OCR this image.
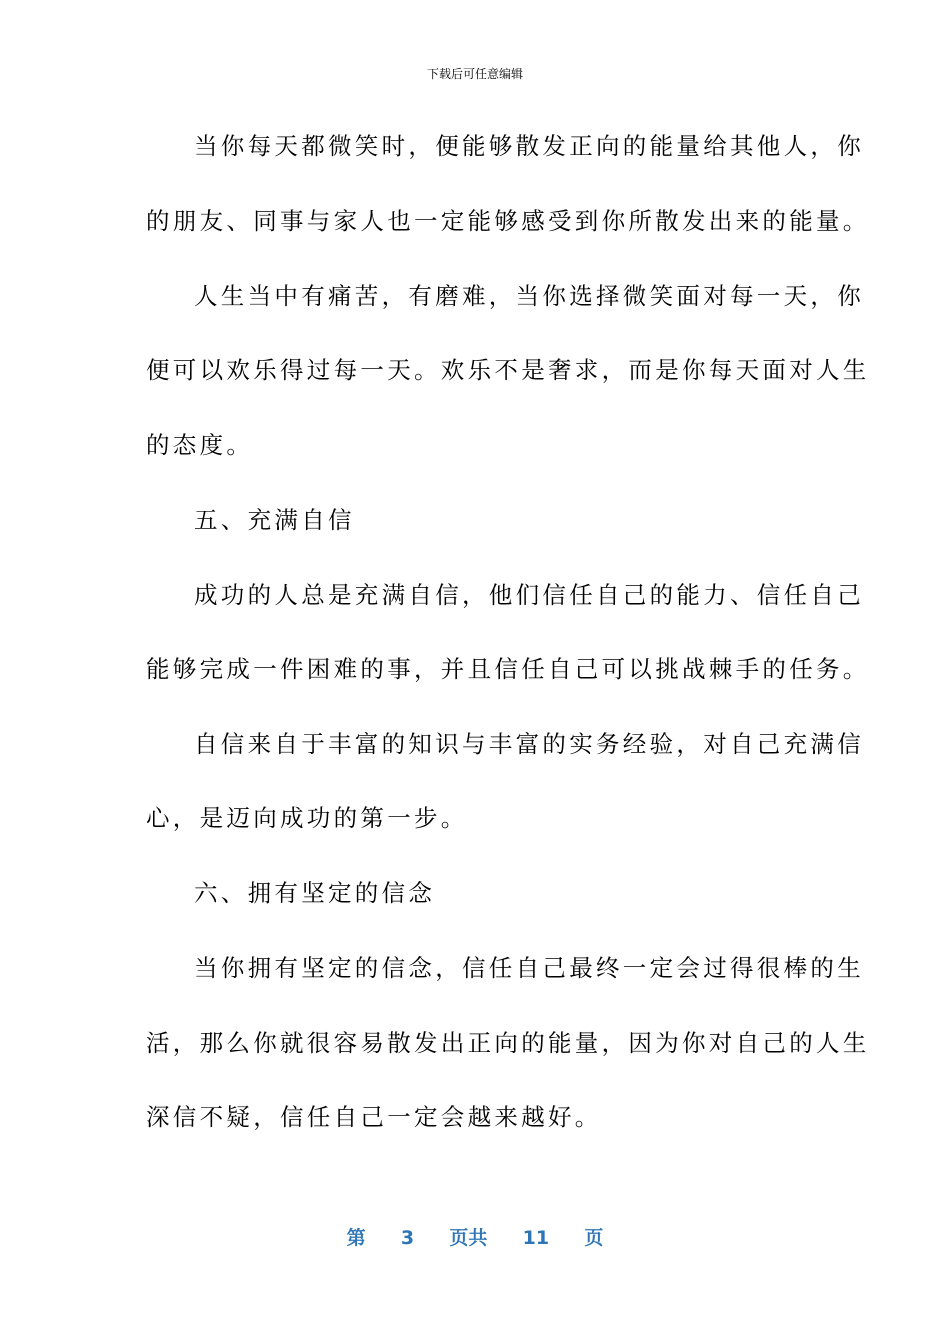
下载后可任意编辑
当你每天都微笑时，便能够散发正向的能量给其他人，你
的朋友、同事与家人也一定能够感受到你所散发出来的能量。
人生当中有痛苦，有磨难，当你选择微笑面对每一天，你
便可以欢乐得过每一天。欢乐不是奢求，而是你每天面对人生
的态度。
五、充满自信
成功的人总是充满自信，他们信任自己的能力、信任自己
能够完成一件困难的事，并且信任自己可以挑战棘手的任务。
自信来自于丰富的知识与丰富的实务经验，对自己充满信
心，是迈向成功的第一步。
六、拥有坚定的信念
当你拥有坚定的信念，信任自己最终一定会过得很棒的生
活，那么你就很容易散发出正向的能量，因为你对自己的人生
深信不疑，信任自己一定会越来越好。
第 3 页共 11 页
